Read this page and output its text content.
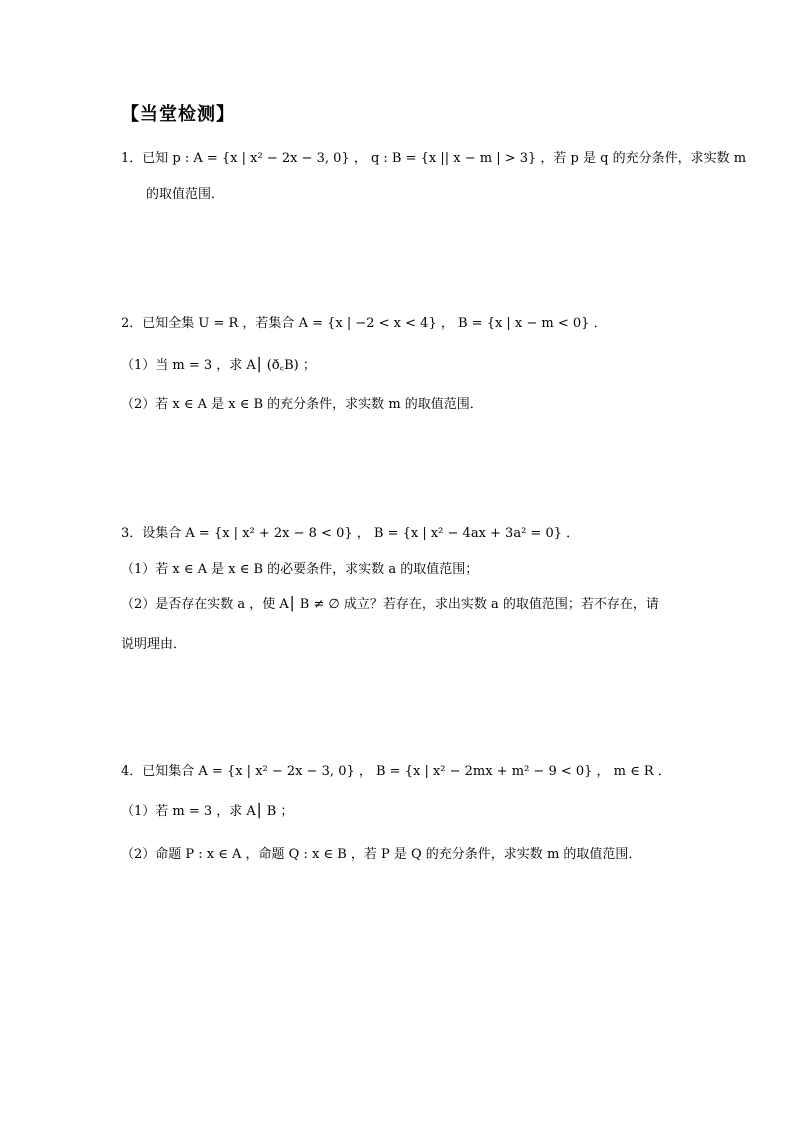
【当堂检测】
1．已知 p : A = {x | x² − 2x − 3, 0} ， q : B = {x || x − m | > 3} ，若 p 是 q 的充分条件，求实数 m
的取值范围．
2．已知全集 U = R ，若集合 A = {x | −2 < x < 4} ， B = {x | x − m < 0} ．
（1）当 m = 3 ，求 A⎮ (ð꜀B) ；
（2）若 x ∈ A 是 x ∈ B 的充分条件，求实数 m 的取值范围．
3．设集合 A = {x | x² + 2x − 8 < 0} ， B = {x | x² − 4ax + 3a² = 0} ．
（1）若 x ∈ A 是 x ∈ B 的必要条件，求实数 a 的取值范围；
（2）是否存在实数 a ，使 A⎮ B ≠ ∅ 成立？若存在，求出实数 a 的取值范围；若不存在，请
说明理由．
4．已知集合 A = {x | x² − 2x − 3, 0} ， B = {x | x² − 2mx + m² − 9 < 0} ， m ∈ R ．
（1）若 m = 3 ，求 A⎮ B ；
（2）命题 P : x ∈ A ，命题 Q : x ∈ B ，若 P 是 Q 的充分条件，求实数 m 的取值范围．
